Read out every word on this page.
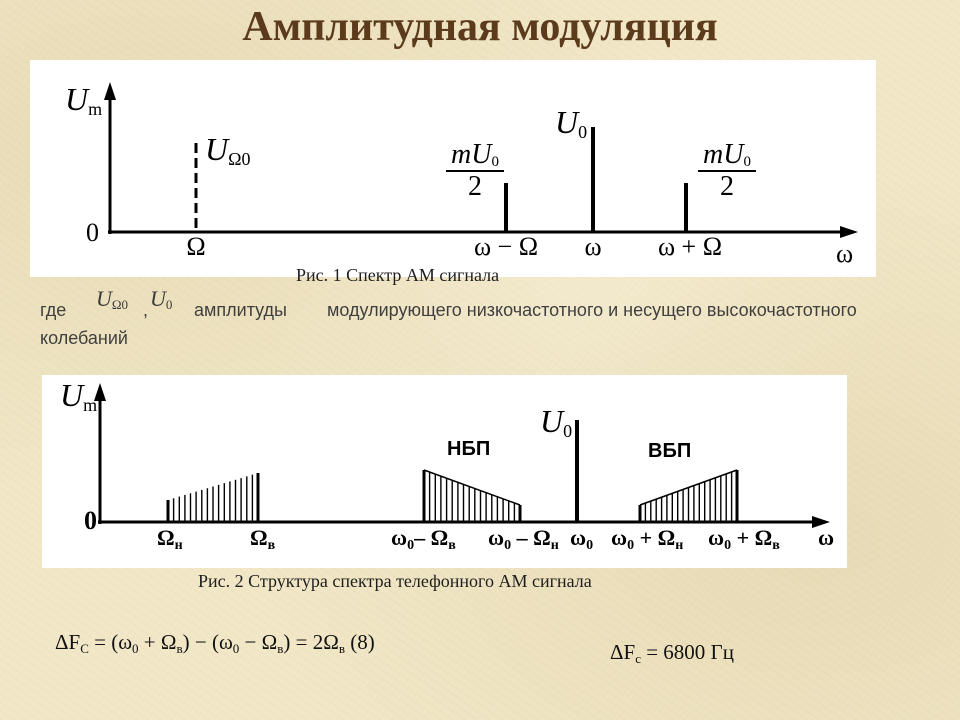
Амплитудная модуляция
$U_m$
0
$U_{\Omega 0}$
Ω
$\frac{mU_0}{2}$
ω − Ω
$U_0$
ω
$\frac{mU_0}{2}$
ω + Ω	ω
Рис. 1 Спектр АМ сигнала
где $U_{\Omega 0}$ , $U_0$ амплитуды модулирующего низкочастотного и несущего высокочастотного
колебаний
$U_m$
0
$U_0$
НБП	ВБП
$\Omega_н$	$\Omega_в$	$\omega_0-$ $\Omega_в$ $\omega_0 - \Omega_н$ $\omega_0$ $\omega_0 + \Omega_н$ $\omega_0 + \Omega_в$ ω
Рис. 2 Структура спектра телефонного АМ сигнала
$\Delta F_C = (\omega_0 + \Omega_в) - (\omega_0 - \Omega_в) = 2\Omega_в$ (8)	$\Delta F_c = 6800$ Гц
